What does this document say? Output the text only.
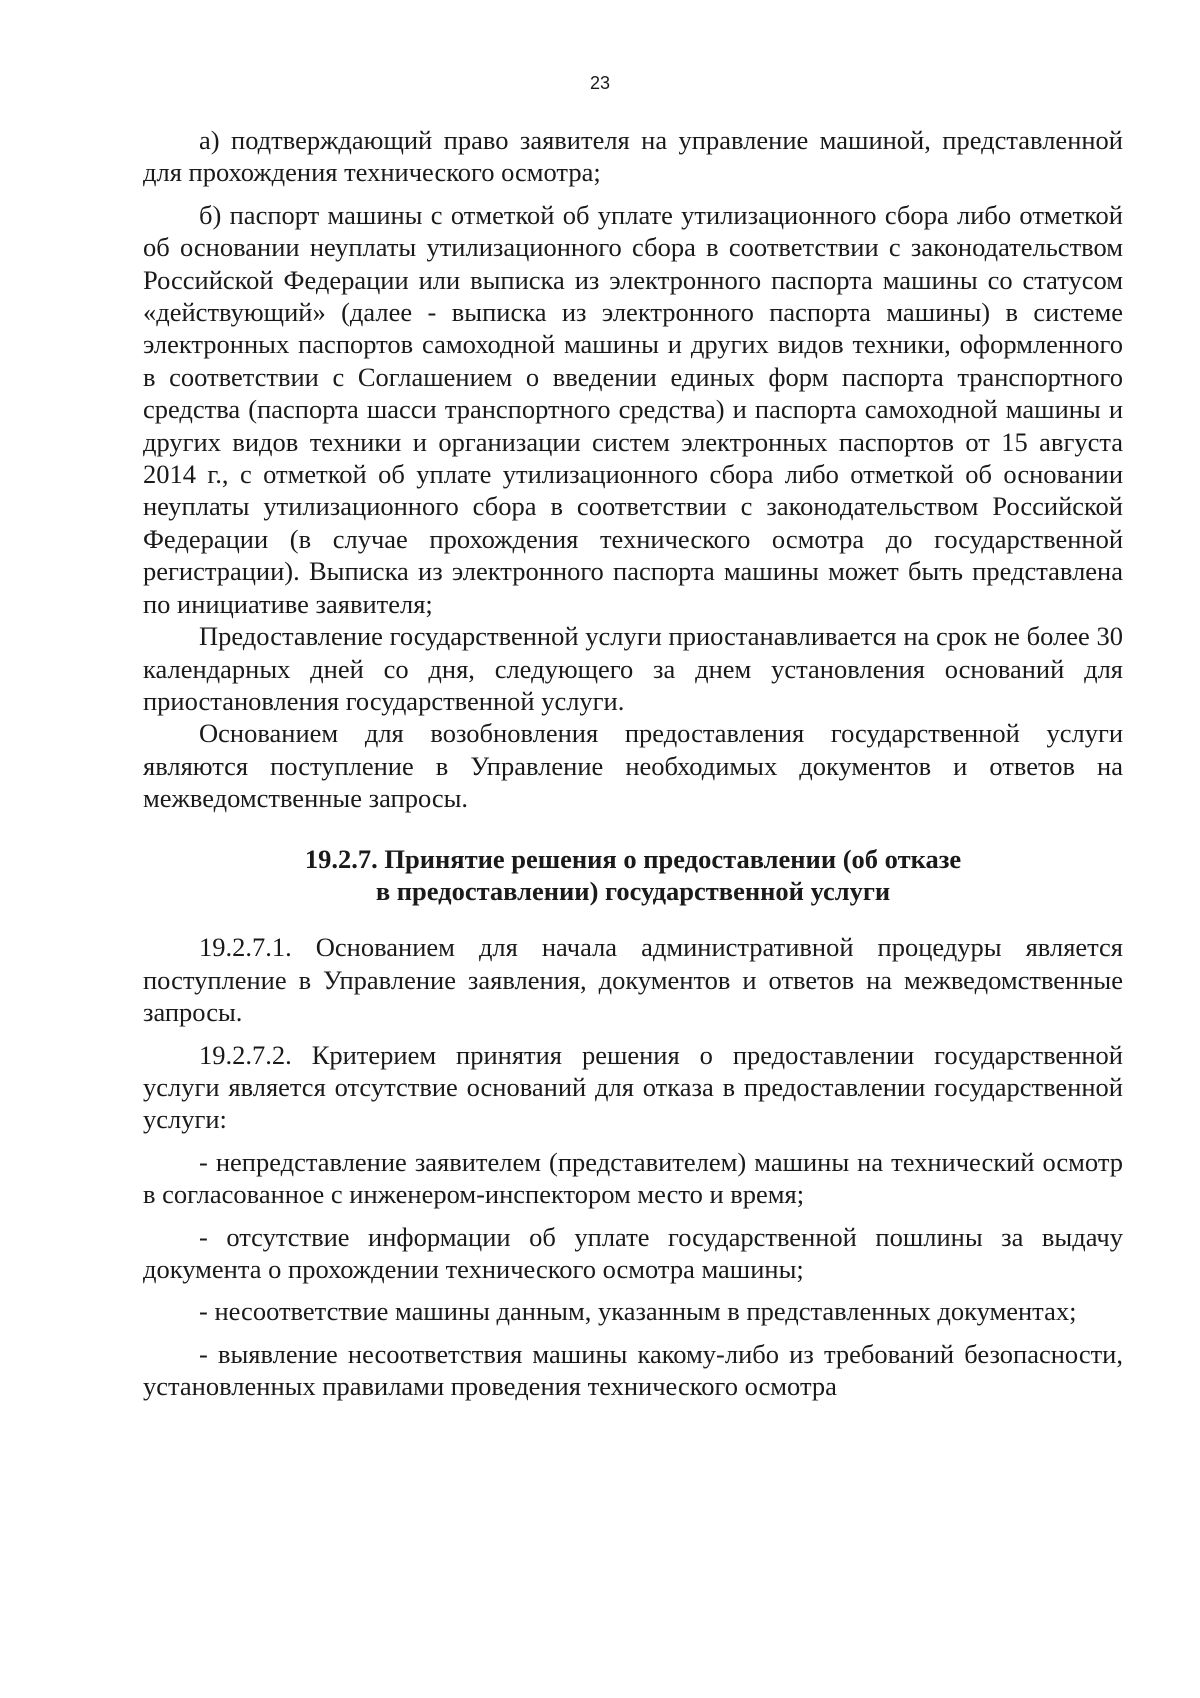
23

а) подтверждающий право заявителя на управление машиной, представленной для прохождения технического осмотра;

б) паспорт машины с отметкой об уплате утилизационного сбора либо отметкой об основании неуплаты утилизационного сбора в соответствии с законодательством Российской Федерации или выписка из электронного паспорта машины со статусом «действующий» (далее - выписка из электронного паспорта машины) в системе электронных паспортов самоходной машины и других видов техники, оформленного в соответствии с Соглашением о введении единых форм паспорта транспортного средства (паспорта шасси транспортного средства) и паспорта самоходной машины и других видов техники и организации систем электронных паспортов от 15 августа 2014 г., с отметкой об уплате утилизационного сбора либо отметкой об основании неуплаты утилизационного сбора в соответствии с законодательством Российской Федерации (в случае прохождения технического осмотра до государственной регистрации). Выписка из электронного паспорта машины может быть представлена по инициативе заявителя;

Предоставление государственной услуги приостанавливается на срок не более 30 календарных дней со дня, следующего за днем установления оснований для приостановления государственной услуги.

Основанием для возобновления предоставления государственной услуги являются поступление в Управление необходимых документов и ответов на межведомственные запросы.

19.2.7. Принятие решения о предоставлении (об отказе
в предоставлении) государственной услуги

19.2.7.1. Основанием для начала административной процедуры является поступление в Управление заявления, документов и ответов на межведомственные запросы.

19.2.7.2. Критерием принятия решения о предоставлении государственной услуги является отсутствие оснований для отказа в предоставлении государственной услуги:

- непредставление заявителем (представителем) машины на технический осмотр в согласованное с инженером-инспектором место и время;

- отсутствие информации об уплате государственной пошлины за выдачу документа о прохождении технического осмотра машины;

- несоответствие машины данным, указанным в представленных документах;

- выявление несоответствия машины какому-либо из требований безопасности, установленных правилами проведения технического осмотра
